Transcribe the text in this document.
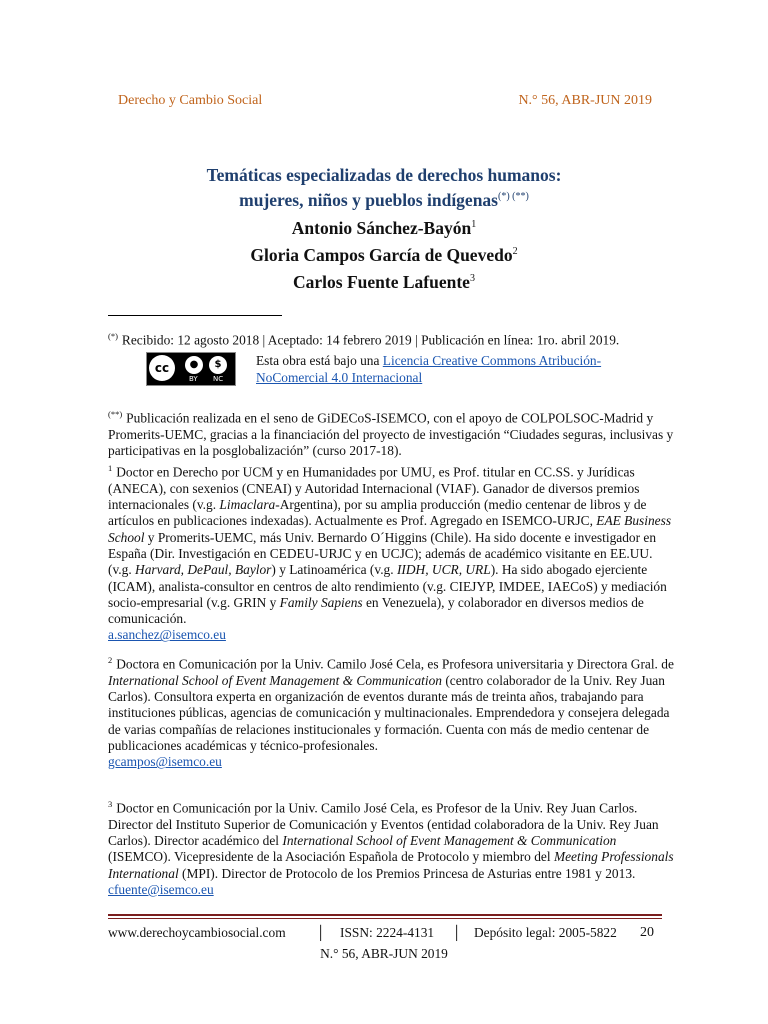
Derecho y Cambio Social	N.° 56, ABR-JUN 2019
Temáticas especializadas de derechos humanos:
mujeres, niños y pueblos indígenas(*) (**)
Antonio Sánchez-Bayón$^1$
Gloria Campos García de Quevedo$^2$
Carlos Fuente Lafuente$^3$
(*) Recibido: 12 agosto 2018 | Aceptado: 14 febrero 2019 | Publicación en línea: 1ro. abril 2019.
cc	●	$
BY NC
Esta obra está bajo una Licencia Creative Commons Atribución-NoComercial 4.0 Internacional
(**) Publicación realizada en el seno de GiDECoS-ISEMCO, con el apoyo de COLPOLSOC-Madrid y Promerits-UEMC, gracias a la financiación del proyecto de investigación “Ciudades seguras, inclusivas y participativas en la posglobalización” (curso 2017-18).
$^1$ Doctor en Derecho por UCM y en Humanidades por UMU, es Prof. titular en CC.SS. y Jurídicas (ANECA), con sexenios (CNEAI) y Autoridad Internacional (VIAF). Ganador de diversos premios internacionales (v.g. Limaclara-Argentina), por su amplia producción (medio centenar de libros y de artículos en publicaciones indexadas). Actualmente es Prof. Agregado en ISEMCO-URJC, EAE Business School y Promerits-UEMC, más Univ. Bernardo O´Higgins (Chile). Ha sido docente e investigador en España (Dir. Investigación en CEDEU-URJC y en UCJC); además de académico visitante en EE.UU. (v.g. Harvard, DePaul, Baylor) y Latinoamérica (v.g. IIDH, UCR, URL). Ha sido abogado ejerciente (ICAM), analista-consultor en centros de alto rendimiento (v.g. CIEJYP, IMDEE, IAECoS) y mediación socio-empresarial (v.g. GRIN y Family Sapiens en Venezuela), y colaborador en diversos medios de comunicación.
a.sanchez@isemco.eu
$^2$ Doctora en Comunicación por la Univ. Camilo José Cela, es Profesora universitaria y Directora Gral. de International School of Event Management & Communication (centro colaborador de la Univ. Rey Juan Carlos). Consultora experta en organización de eventos durante más de treinta años, trabajando para instituciones públicas, agencias de comunicación y multinacionales. Emprendedora y consejera delegada de varias compañías de relaciones institucionales y formación. Cuenta con más de medio centenar de publicaciones académicas y técnico-profesionales.
gcampos@isemco.eu
$^3$ Doctor en Comunicación por la Univ. Camilo José Cela, es Profesor de la Univ. Rey Juan Carlos. Director del Instituto Superior de Comunicación y Eventos (entidad colaboradora de la Univ. Rey Juan Carlos). Director académico del International School of Event Management & Communication (ISEMCO). Vicepresidente de la Asociación Española de Protocolo y miembro del Meeting Professionals International (MPI). Director de Protocolo de los Premios Princesa de Asturias entre 1981 y 2013.
cfuente@isemco.eu
www.derechoycambiosocial.com │ ISSN: 2224-4131 │ Depósito legal: 2005-5822 20
N.° 56, ABR-JUN 2019
